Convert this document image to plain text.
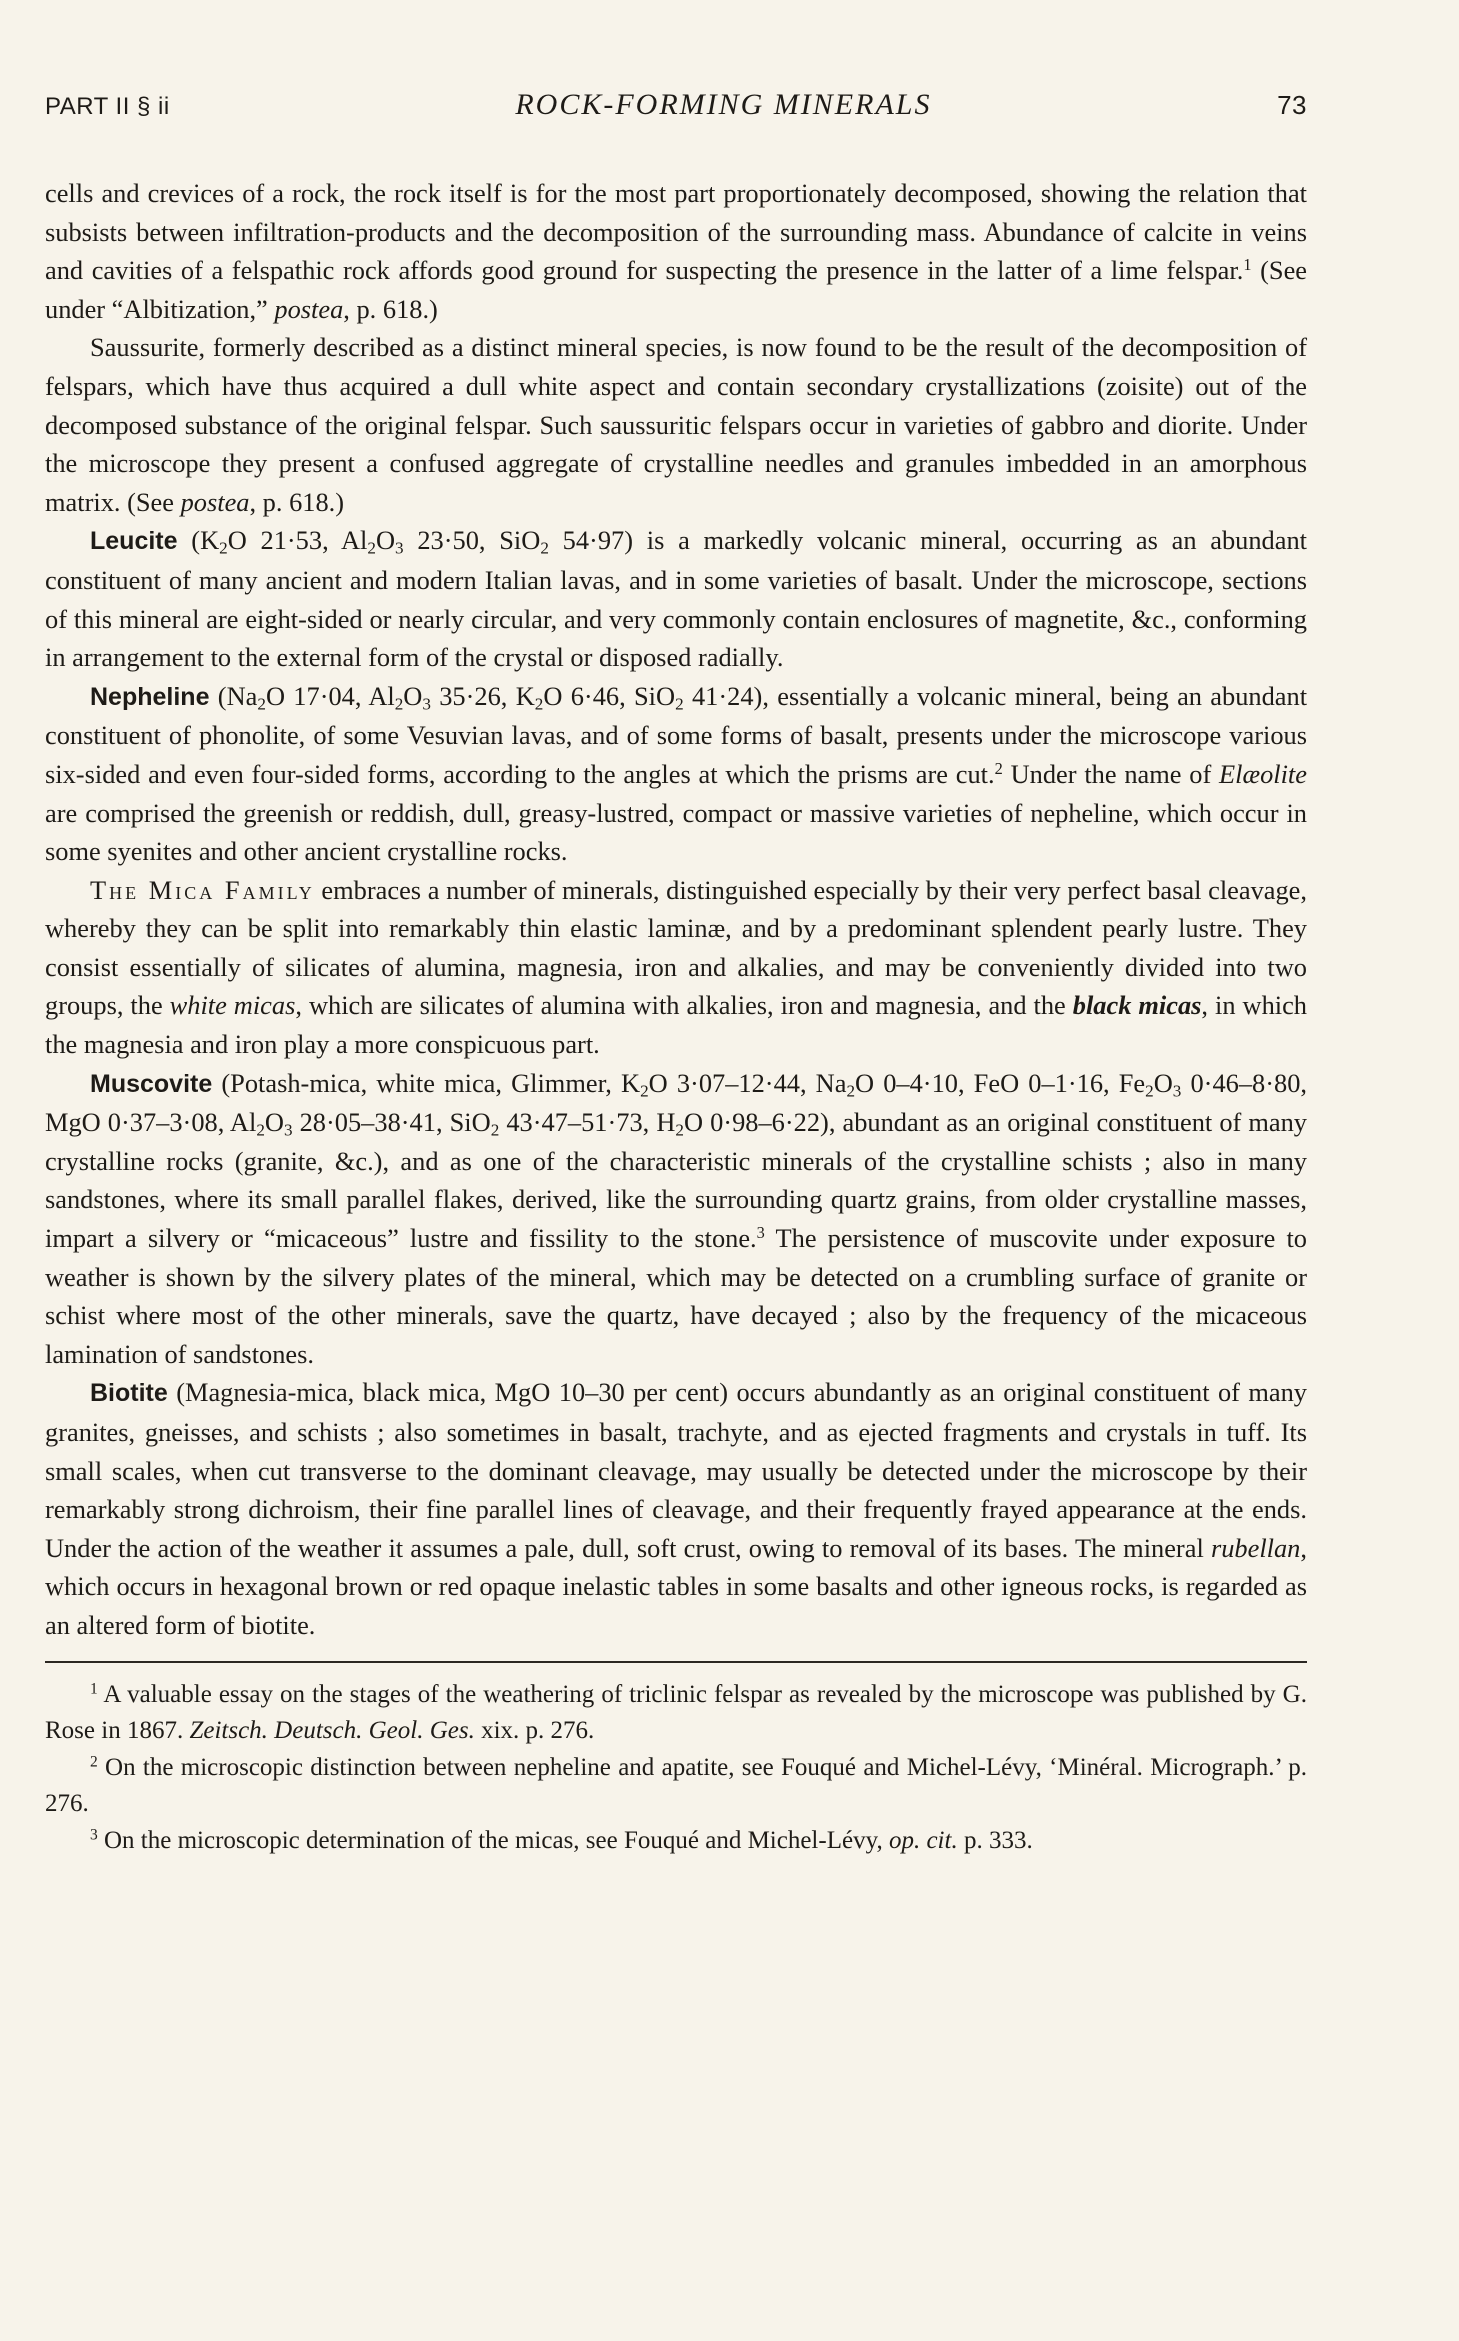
PART II § ii	ROCK-FORMING MINERALS	73

cells and crevices of a rock, the rock itself is for the most part proportionately decomposed, showing the relation that subsists between infiltration-products and the decomposition of the surrounding mass. Abundance of calcite in veins and cavities of a felspathic rock affords good ground for suspecting the presence in the latter of a lime felspar.$^1$ (See under “Albitization,” postea, p. 618.)

Saussurite, formerly described as a distinct mineral species, is now found to be the result of the decomposition of felspars, which have thus acquired a dull white aspect and contain secondary crystallizations (zoisite) out of the decomposed substance of the original felspar. Such saussuritic felspars occur in varieties of gabbro and diorite. Under the microscope they present a confused aggregate of crystalline needles and granules imbedded in an amorphous matrix. (See postea, p. 618.)

Leucite ($K_2O$ 21·53, $Al_2O_3$ 23·50, SiO$_2$ 54·97) is a markedly volcanic mineral, occurring as an abundant constituent of many ancient and modern Italian lavas, and in some varieties of basalt. Under the microscope, sections of this mineral are eight-sided or nearly circular, and very commonly contain enclosures of magnetite, &c., conforming in arrangement to the external form of the crystal or disposed radially.

Nepheline ($Na_2O$ 17·04, $Al_2O_3$ 35·26, $K_2O$ 6·46, SiO$_2$ 41·24), essentially a volcanic mineral, being an abundant constituent of phonolite, of some Vesuvian lavas, and of some forms of basalt, presents under the microscope various six-sided and even four-sided forms, according to the angles at which the prisms are cut.$^2$ Under the name of Elæolite are comprised the greenish or reddish, dull, greasy-lustred, compact or massive varieties of nepheline, which occur in some syenites and other ancient crystalline rocks.

The Mica Family embraces a number of minerals, distinguished especially by their very perfect basal cleavage, whereby they can be split into remarkably thin elastic laminæ, and by a predominant splendent pearly lustre. They consist essentially of silicates of alumina, magnesia, iron and alkalies, and may be conveniently divided into two groups, the white micas, which are silicates of alumina with alkalies, iron and magnesia, and the black micas, in which the magnesia and iron play a more conspicuous part.

Muscovite (Potash-mica, white mica, Glimmer, $K_2O$ 3·07–12·44, $Na_2O$ 0–4·10, FeO 0–1·16, $Fe_2O_3$ 0·46–8·80, MgO 0·37–3·08, $Al_2O_3$ 28·05–38·41, SiO$_2$ 43·47–51·73, $H_2O$ 0·98–6·22), abundant as an original constituent of many crystalline rocks (granite, &c.), and as one of the characteristic minerals of the crystalline schists ; also in many sandstones, where its small parallel flakes, derived, like the surrounding quartz grains, from older crystalline masses, impart a silvery or “micaceous” lustre and fissility to the stone.$^3$ The persistence of muscovite under exposure to weather is shown by the silvery plates of the mineral, which may be detected on a crumbling surface of granite or schist where most of the other minerals, save the quartz, have decayed ; also by the frequency of the micaceous lamination of sandstones.

Biotite (Magnesia-mica, black mica, MgO 10–30 per cent) occurs abundantly as an original constituent of many granites, gneisses, and schists ; also sometimes in basalt, trachyte, and as ejected fragments and crystals in tuff. Its small scales, when cut transverse to the dominant cleavage, may usually be detected under the microscope by their remarkably strong dichroism, their fine parallel lines of cleavage, and their frequently frayed appearance at the ends. Under the action of the weather it assumes a pale, dull, soft crust, owing to removal of its bases. The mineral rubellan, which occurs in hexagonal brown or red opaque inelastic tables in some basalts and other igneous rocks, is regarded as an altered form of biotite.

$^1$ A valuable essay on the stages of the weathering of triclinic felspar as revealed by the microscope was published by G. Rose in 1867. Zeitsch. Deutsch. Geol. Ges. xix. p. 276.

$^2$ On the microscopic distinction between nepheline and apatite, see Fouqué and Michel-Lévy, ‘Minéral. Micrograph.’ p. 276.

$^3$ On the microscopic determination of the micas, see Fouqué and Michel-Lévy, op. cit. p. 333.
